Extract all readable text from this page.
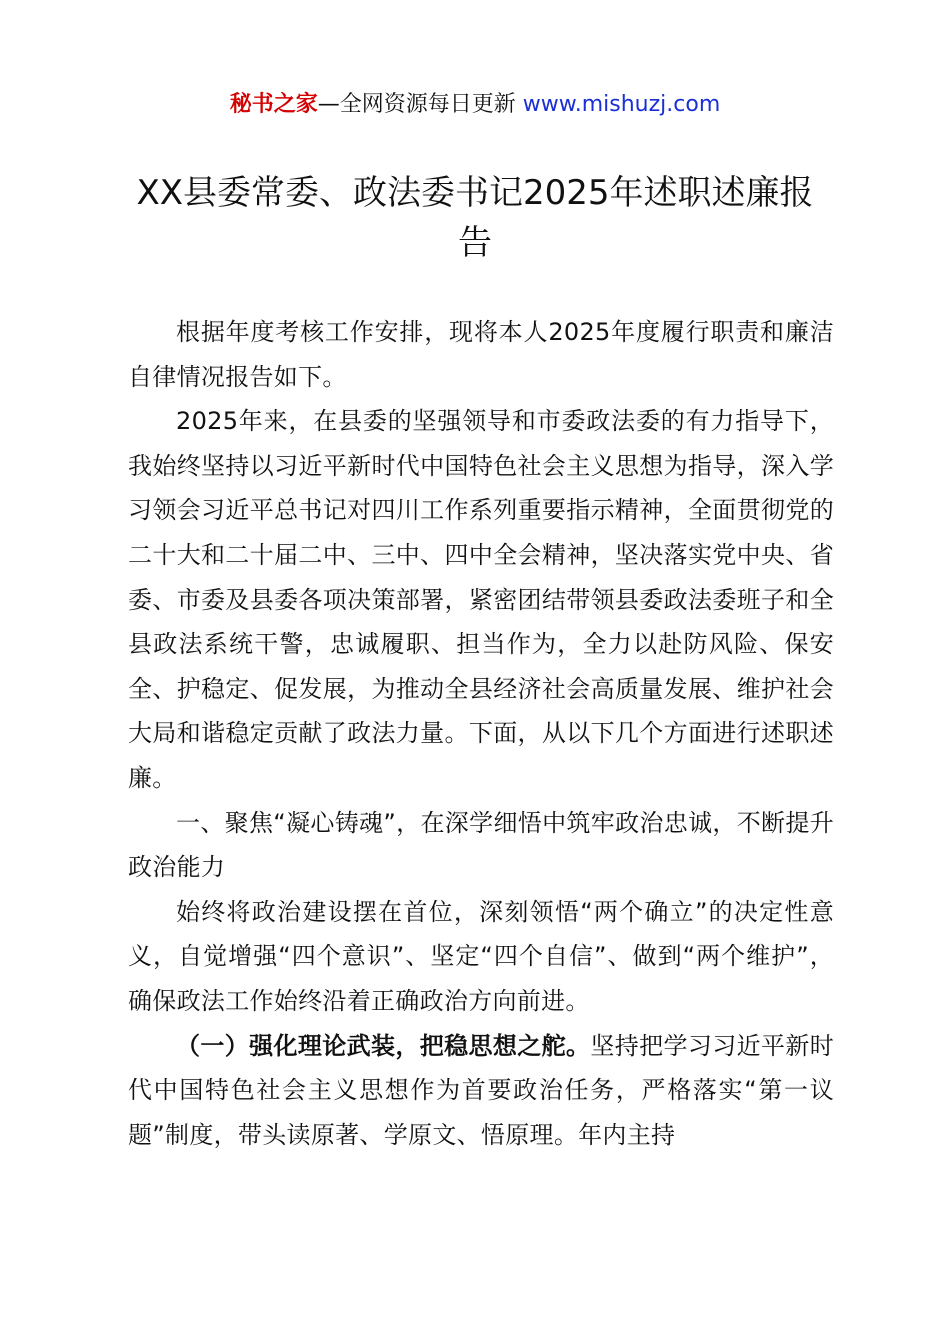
秘书之家—全网资源每日更新 www.mishuzj.com
XX县委常委、政法委书记2025年述职述廉报告

根据年度考核工作安排，现将本人2025年度履行职责和廉洁自律情况报告如下。

2025年来，在县委的坚强领导和市委政法委的有力指导下，我始终坚持以习近平新时代中国特色社会主义思想为指导，深入学习领会习近平总书记对四川工作系列重要指示精神，全面贯彻党的二十大和二十届二中、三中、四中全会精神，坚决落实党中央、省委、市委及县委各项决策部署，紧密团结带领县委政法委班子和全县政法系统干警，忠诚履职、担当作为，全力以赴防风险、保安全、护稳定、促发展，为推动全县经济社会高质量发展、维护社会大局和谐稳定贡献了政法力量。下面，从以下几个方面进行述职述廉。

一、聚焦“凝心铸魂”，在深学细悟中筑牢政治忠诚，不断提升政治能力

始终将政治建设摆在首位，深刻领悟“两个确立”的决定性意义，自觉增强“四个意识”、坚定“四个自信”、做到“两个维护”，确保政法工作始终沿着正确政治方向前进。

（一）强化理论武装，把稳思想之舵。坚持把学习习近平新时代中国特色社会主义思想作为首要政治任务，严格落实“第一议题”制度，带头读原著、学原文、悟原理。年内主持
